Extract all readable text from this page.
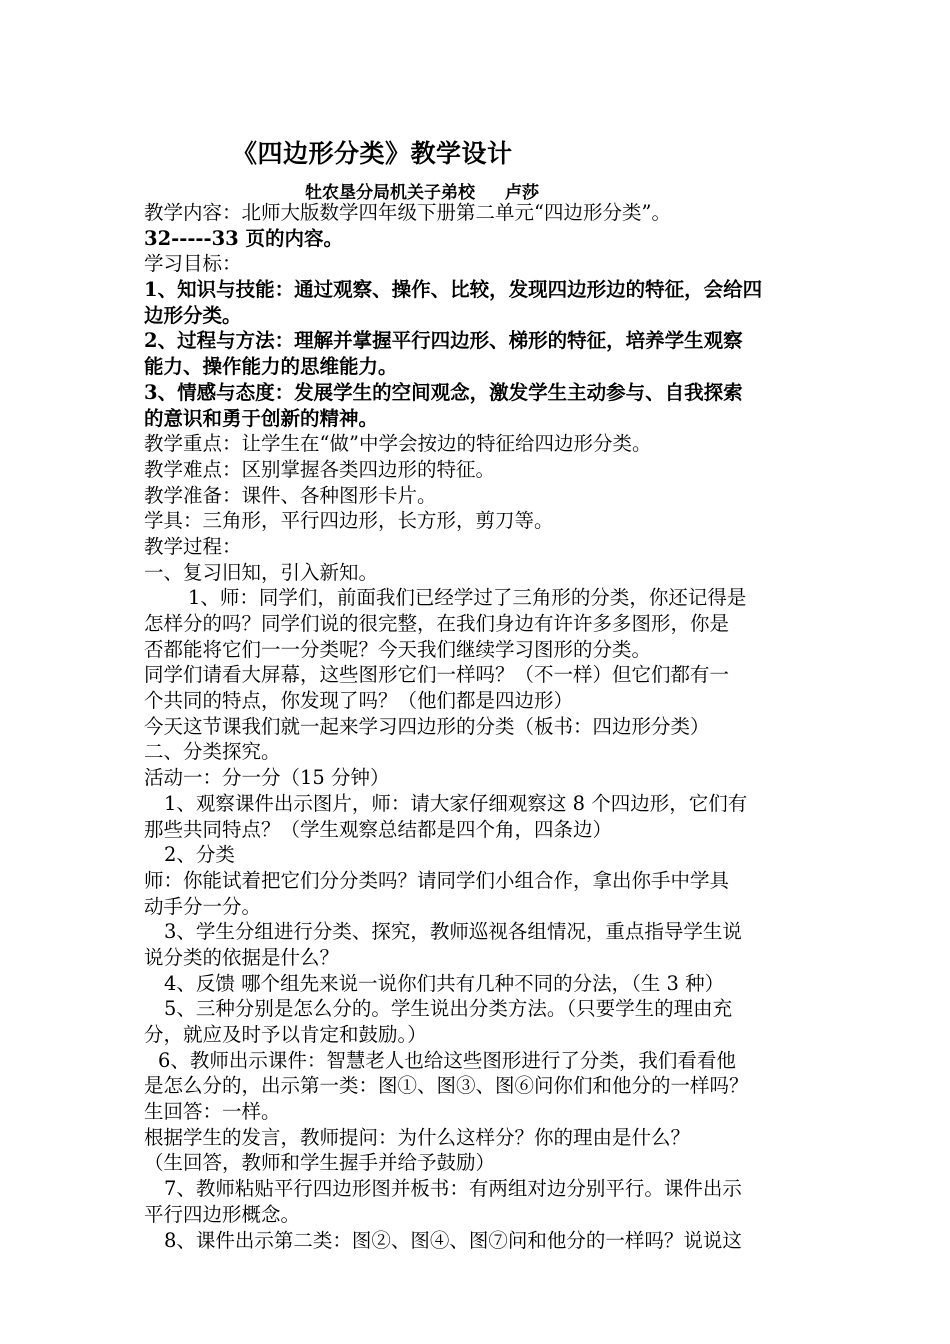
《四边形分类》教学设计
牡农垦分局机关子弟校 卢莎
教学内容：北师大版数学四年级下册第二单元“四边形分类”。
32-----33 页的内容。
学习目标：
1、知识与技能：通过观察、操作、比较，发现四边形边的特征，会给四
边形分类。
2、过程与方法：理解并掌握平行四边形、梯形的特征，培养学生观察
能力、操作能力的思维能力。
3、情感与态度：发展学生的空间观念，激发学生主动参与、自我探索
的意识和勇于创新的精神。
教学重点：让学生在“做”中学会按边的特征给四边形分类。
教学难点：区别掌握各类四边形的特征。
教学准备：课件、各种图形卡片。
学具：三角形，平行四边形，长方形，剪刀等。
教学过程：
一、复习旧知，引入新知。
1、师：同学们，前面我们已经学过了三角形的分类，你还记得是
怎样分的吗？同学们说的很完整，在我们身边有许许多多图形，你是
否都能将它们一一分类呢？今天我们继续学习图形的分类。
同学们请看大屏幕，这些图形它们一样吗？（不一样）但它们都有一
个共同的特点，你发现了吗？（他们都是四边形）
今天这节课我们就一起来学习四边形的分类（板书：四边形分类）
二、分类探究。
活动一：分一分（15 分钟）
1、观察课件出示图片，师：请大家仔细观察这 8 个四边形，它们有
那些共同特点？（学生观察总结都是四个角，四条边）
2、分类
师：你能试着把它们分分类吗？请同学们小组合作，拿出你手中学具
动手分一分。
3、学生分组进行分类、探究，教师巡视各组情况，重点指导学生说
说分类的依据是什么？
4、反馈 哪个组先来说一说你们共有几种不同的分法，（生 3 种）
5、三种分别是怎么分的。学生说出分类方法。（只要学生的理由充
分，就应及时予以肯定和鼓励。）
6、教师出示课件：智慧老人也给这些图形进行了分类，我们看看他
是怎么分的，出示第一类：图①、图③、图⑥问你们和他分的一样吗？
生回答：一样。
根据学生的发言，教师提问：为什么这样分？你的理由是什么？
（生回答，教师和学生握手并给予鼓励）
7、教师粘贴平行四边形图并板书：有两组对边分别平行。课件出示
平行四边形概念。
8、课件出示第二类：图②、图④、图⑦问和他分的一样吗？说说这
